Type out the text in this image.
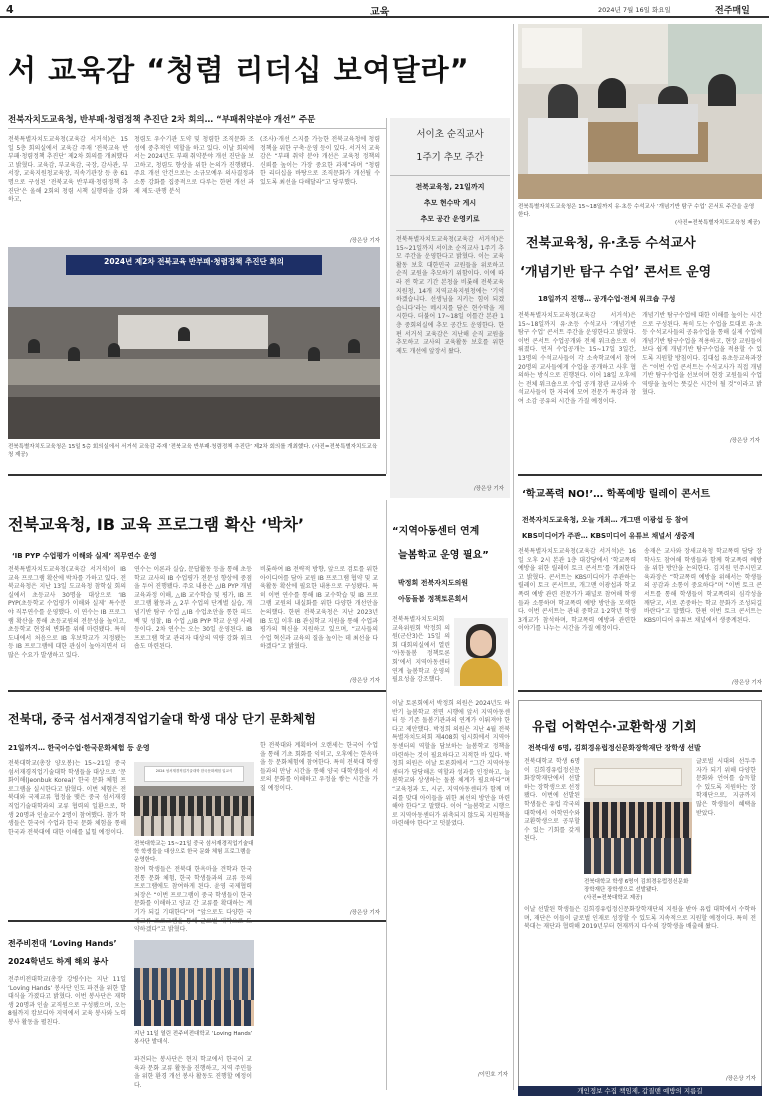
4	교육	2024년 7월 16일 화요일	전주매일
서 교육감 “청렴 리더십 보여달라”
전북자치도교육청, 반부패·청렴정책 추진단 2차 회의… “부패취약분야 개선” 주문
전북특별자치도교육청(교육감 서거석)은 15일 5층 회의실에서 교육감 주재 ‘전북교육 반부패·청렴정책 추진단’ 제2차 회의를 개최했다고 밝혔다. 교육감, 부교육감, 국장, 감사관, 부서장, 교육지원청교육장, 직속기관장 등 총 61명으로 구성된 ‘전북교육 반부패·청렴정책 추진단’은 올해 2회의 청렴 시책 실행력을 강화하고,
청렴도 우수기관 도약 및 청렴한 조직문화 조성에 중추적인 역할을 하고 있다. 이날 회의에서는 2024년도 부패 취약분야 개선 진단을 보고하고, 청렴도 향상을 위한 논의가 진행됐다. 주요 개선 안건으로는 소규모예우 의사결정과 소통 강화를 집중적으로 다루는 한편 개선 과제 제도·관행 분석
(조사)·개선 스지를 가능한 전북교육청에 청렴정책을 위한 구축·운영 등이 있다. 서거석 교육감은 “부패 취약 분야 개선은 교육청 정책의 신뢰를 높이는 가장 중요한 과제”라며 “청렴한 리더십을 바탕으로 조직문화가 개선될 수 있도록 최선을 다해달라”고 당부했다.
/장은상 기자
2024년 제2차 전북교육 반부패·청렴정책 추진단 회의
전북특별자치도교육청은 15일 5층 회의실에서 서거석 교육감 주재 ‘전북교육 반부패·청렴정책 추진단’ 제2차 회의를 개최했다. (사진=전북특별자치도교육청 제공)
서이초 순직교사
1주기 추모 주간
전북교육청, 21일까지
추모 현수막 게시
추모 공간 운영키로
전북특별자치도교육청(교육감 서거석)은 15~21일까지 서이초 순직교사 1주기 추모 주간을 운영한다고 밝혔다. 이는 교육활동 보호 대한민국 교원들을 위로하고 순직 교원을 추모하기 위함이다. 이에 따라 전 학교 기간 본청을 비롯해 전북교육지원청, 14개 지역교육지원청에는 ‘기억하겠습니다. 선생님을 지키는 힘이 되겠습니다’라는 메시지를 담은 현수막을 게시한다. 더불어 17~18일 이틀간 본관 1층 중회의실에 추모 공간도 운영한다. 한편 서거석 교육감은 지난해 순직 교원을 추모하고 교사의 교육활동 보호를 위한 제도 개선에 앞장서 왔다.
/장은상 기자
전북특별자치도교육청은 15~18일까지 유·초등 수석교사 ‘개념기반 탐구 수업’ 콘서트 주간을 운영한다.
(사진=전북특별자치도교육청 제공)
전북교육청, 유·초등 수석교사
‘개념기반 탐구 수업’ 콘서트 운영
18일까지 진행… 공개수업·전체 워크숍 구성
전북특별자치도교육청(교육감 서거석)은 15~18일까지 유·초등 수석교사 ‘개념기반 탐구 수업’ 콘서트 주간을 운영한다고 밝혔다. 이번 콘서트 수업공개와 전체 워크숍으로 이뤄졌다. 먼저 수업공개는 15~17일 3일간, 13명의 수석교사들이 각 소속학교에서 참여 20명의 교사들에게 수업을 공개하고 사후 협의하는 방식으로 진행된다. 이어 18일 오후에는 전체 워크숍으로 수업 공개 참관 교사와 수석교사들이 한 자리에 모여 전문가 특강과 참여 소감 공유의 시간을 가질 예정이다.
개념기반 탐구수업에 대한 이해를 높이는 시간으로 구성된다. 특히 도는 수업을 토대로 유·초등 수석교사들의 공유수업을 통해 실제 수업에 개념기반 탐구수업을 적용하고, 현장 교원들이 보다 쉽게 개념기반 탐구수업을 적용할 수 있도록 지원할 방침이다. 김대섭 유초등교육과장은 “이번 수업 콘서트는 수석교사가 직접 개념기반 탐구수업을 선보이며 현장 교원들의 수업 역량을 높이는 뜻깊은 시간이 될 것”이라고 밝혔다.
/장은상 기자
전북교육청, IB 교육 프로그램 확산 ‘박차’
‘IB PYP 수업평가 이해와 실제’ 직무연수 운영
전북특별자치도교육청(교육감 서거석)이 IB 교육 프로그램 확산에 박차를 가하고 있다. 전북교육청은 지난 13일 도교육청 참학실 회의실에서 초등교사 30명을 대상으로 ‘IB PYP(초등학교 수업평가 이해와 실제’ 특수분야 직무연수를 운영했다. 이 연수는 IB 프로그램 확산을 통해 초등교원의 전문성을 높이고, 초등학교 현장의 변화를 위해 마련됐다. 특히 도내에서 처음으로 IB 후보학교가 지정됐는 등 IB 프로그램에 대한 관심이 높아지면서 더 많은 수요가 발생하고 있다.
연수는 이론과 실습, 문답활동 등을 통해 초등학교 교사의 IB 수업평가 전문성 향상에 중점을 두어 진행됐다. 주요 내용은 △IB PYP 개념 교육과정 이해, △IB 교수학습 및 평가, IB 프로그램 활동과 △ 2부 수업의 단계별 실습, 개념기반 탐구 수업 △IB 수업초안을 통한 피드백 및 성찰, IB 수업 △IB PYP 학교 운영 사례 등이다. 2차 연수는 오는 30일 운영된다. IB 프로그램 학교 관리자 대상의 역량 강화 워크숍도 마련된다.
비롯하여 IB 전략적 방향, 앞으로 검토를 위한 아이디어를 담아 교원 IB 프로그램 협약 및 교육활동 확산에 필요한 내용으로 구성됐다. 특히 이번 연수를 통해 IB 교수학습 및 IB 프로그램 교원의 내실화를 위한 다양한 개선안을 논의했다. 한편 전북교육청은 지난 2023년 IB 도입 이후 IB 관심학교 지원을 통해 수업과 평가의 혁신을 지원하고 있으며, “교사들의 수업 혁신과 교육의 질을 높이는 데 최선을 다하겠다”고 밝혔다.
/장은상 기자
“지역아동센터 연계
늘봄학교 운영 필요”
박정희 전북자치도의원
아동돌봄 정책토론회서
전북특별자치도의회 교육위원회 박정희 의원(군산3)은 15일 의회 대회의실에서 열린 ‘아동돌봄 정책토론회’에서 지역아동센터 연계 늘봄학교 운영의 필요성을 강조했다.
이날 토론회에서 박정희 의원은 2024년도 하반기 늘봄학교 전면 시행에 앞서 지역아동센터 등 기존 돌봄기관과의 연계가 이뤄져야 한다고 제안했다. 박정희 의원은 지난 4월 전북특별자치도의회 제408회 임시회에서 지역아동센터의 역할을 담보하는 늘봄학교 정책을 마련하는 것이 필요하다고 지적한 바 있다. 박정희 의원은 이날 토론회에서 “그간 지역아동센터가 담당해온 역할과 성과를 인정하고, 늘봄학교와 상생하는 돌봄 체계가 필요하다”며 “교육청과 도, 시군, 지역아동센터가 함께 머리를 맞대 아이들을 위한 최선의 방안을 마련해야 한다”고 말했다. 이어 “늘봄학교 시행으로 지역아동센터가 위축되지 않도록 지원책을 마련해야 한다”고 덧붙였다.
/이민호 기자
‘학교폭력 NO!’… 학폭예방 릴레이 콘서트
전북자치도교육청, 오늘 개최… 개그맨 이광섭 등 참여
KBS미디어가 주관… KBS미디어 유튜브 채널서 생중계
전북특별자치도교육청(교육감 서거석)은 16일 오후 2시 본관 1층 대강당에서 ‘학교폭력예방을 위한 릴레이 토크 콘서트’를 개최한다고 밝혔다. 콘서트는 KBS미디어가 주관하는 릴레이 토크 콘서트로, 개그맨 이광섭과 학교폭력 예방 관련 전문가가 패널로 참여해 학생들과 소통하며 학교폭력 예방 방안을 모색한다. 이번 콘서트는 관내 중학교 1·2학년 학생 3개교가 참석하며, 학교폭력 예방과 관련한 이야기를 나누는 시간을 가질 예정이다.
송재은 교사와 장새교육청 학교폭력 담당 장학사도 참여해 학생들과 함께 학교폭력 예방을 위한 방안을 논의한다. 김지원 민주시민교육과장은 “학교폭력 예방을 위해서는 학생들의 공감과 소통이 중요하다”며 “이번 토크 콘서트를 통해 학생들이 학교폭력의 심각성을 깨닫고, 서로 존중하는 학교 문화가 조성되길 바란다”고 말했다. 한편 이번 토크 콘서트는 KBS미디어 유튜브 채널에서 생중계된다.
/장은상 기자
전북대, 중국 섬서재경직업기술대 학생 대상 단기 문화체험
21일까지… 한국어수업·한국문화체험 등 운영
전북대학교(총장 양오봉)는 15~21일 중국 섬서재경직업기술대학 학생들을 대상으로 ‘문화이해(Jeonbuk Korea)’ 한국 문화 체험 프로그램을 실시한다고 밝혔다. 이번 체험은 전북대와 국제교류 협정을 맺은 중국 섬서재경직업기술대학과의 교류 협력의 일환으로, 학생 20명과 인솔교수 2명이 참여했다. 참가 학생들은 한국어 수업과 한국 문화 체험을 통해 한국과 전북대에 대한 이해를 넓힐 예정이다.
2024 섬서재경직업기술대학 한국문화체험 입교식
전북대학교는 15~21일 중국 섬서재경직업기술대학 학생들을 대상으로 한국 문화 체험 프로그램을 운영한다.
참여 학생들은 전북대 한옥마을 견학과 한국 전통 문화 체험, 한국 학생들과의 교류 등의 프로그램에도 참여하게 된다. 윤영 국제협력처장은 “이번 프로그램이 중국 학생들이 한국 문화를 이해하고 양교 간 교류를 확대하는 계기가 되길 기대한다”며 “앞으로도 다양한 국 약하겠다”고 밝혔다.
한 전북대와 계획하여 오랜세는 한국어 수업을 통해 기초 회화를 익히고, 오후에는 한옥마을 등 문화체험에 참여한다. 특히 전북대 학생들과의 만남 시간을 통해 양국 대학생들이 서로의 문화를 이해하고 우정을 쌓는 시간을 가질 예정이다.
/장은상 기자
전주비전대 ‘Loving Hands’
2024학년도 하계 해외 봉사
전주비전대학교(총장 강병수)는 지난 11일 ‘Loving Hands’ 봉사단 인도 파견을 위한 발대식을 가졌다고 밝혔다. 이번 봉사단은 재학생 20명과 인솔 교직원으로 구성됐으며, 오는 8월까지 캄보디아 지역에서 교육 봉사와 노력 봉사 활동을 펼친다.
지난 11일 열린 전주비전대학교 ‘Loving Hands’ 봉사단 발대식.
파견되는 봉사단은 현지 학교에서 한국어 교육과 문화 교류 활동을 진행하고, 지역 주민들을 위한 환경 개선 봉사 활동도 진행할 예정이다.
유럽 어학연수·교환학생 기회
전북대생 6명, 김희경유럽정신문화장학재단 장학생 선발
전북대학교 학생 6명이 김희경유럽정신문화장학재단에서 선발하는 장학생으로 선정됐다. 이번에 선발된 학생들은 유럽 각국의 대학에서 어학연수와 교환학생으로 공부할 수 있는 기회를 갖게 된다.
글로벌 시대의 선두주자가 되기 위해 다양한 문화와 언어를 습득할 수 있도록 지원하는 장학재단으로, 지금까지 많은 학생들이 혜택을 받았다.
전북대학교 학생 6명이 김희경유럽정신문화장학재단 장학생으로 선발됐다.
(사진=전북대학교 제공)
이날 선발된 학생들은 김희경유럽정신문화장학재단의 지원을 받아 유럽 대학에서 수학하며, 재단은 이들이 글로벌 인재로 성장할 수 있도록 지속적으로 지원할 예정이다. 특히 전북대는 재단과 협력해 2019년부터 현재까지 다수의 장학생을 배출해 왔다.
/장은상 기자
개인정보 수집 책임제, 갑질맨 예방의 지름길
